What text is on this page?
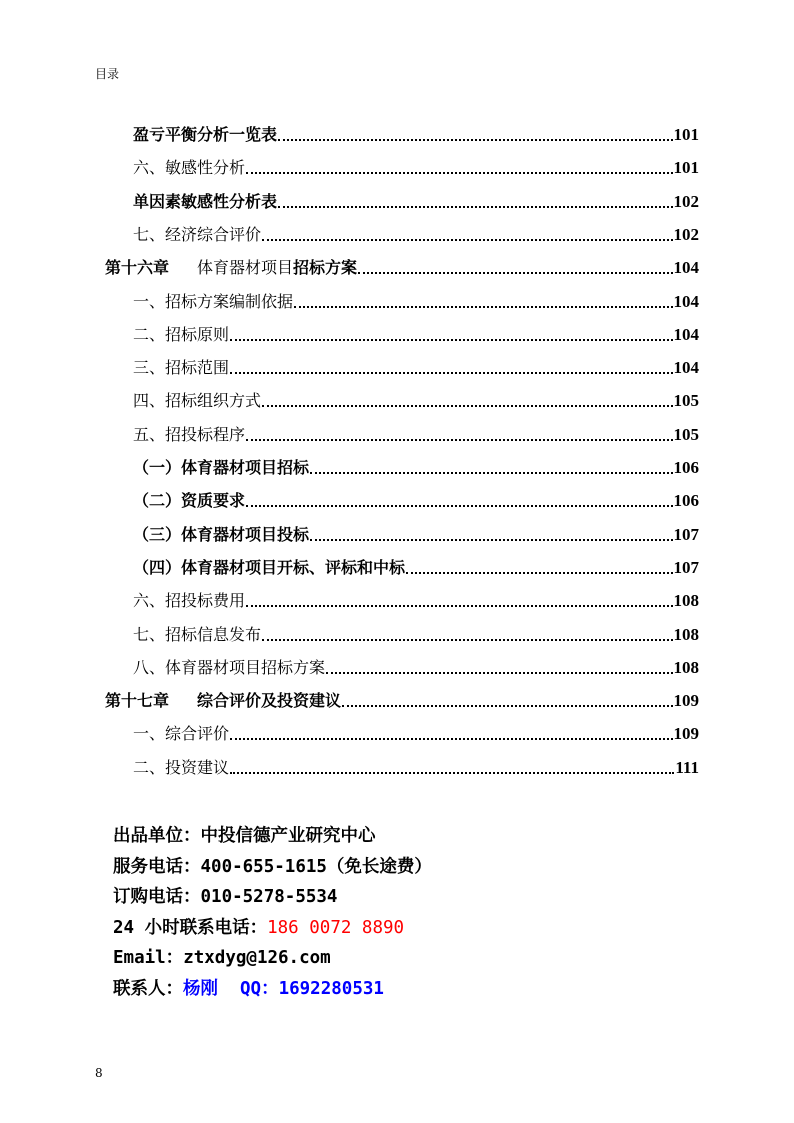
目录
盈亏平衡分析一览表	101
六、敏感性分析	101
单因素敏感性分析表	102
七、经济综合评价	102
第十六章 体育器材项目招标方案	104
一、招标方案编制依据	104
二、招标原则	104
三、招标范围	104
四、招标组织方式	105
五、招投标程序	105
（一）体育器材项目招标	106
（二）资质要求	106
（三）体育器材项目投标	107
（四）体育器材项目开标、评标和中标	107
六、招投标费用	108
七、招标信息发布	108
八、体育器材项目招标方案	108
第十七章 综合评价及投资建议	109
一、综合评价	109
二、投资建议	111
出品单位：中投信德产业研究中心
服务电话：400-655-1615（免长途费）
订购电话：010-5278-5534
24 小时联系电话：186 0072 8890
Email：ztxdyg@126.com
联系人：杨刚 QQ：1692280531
8
